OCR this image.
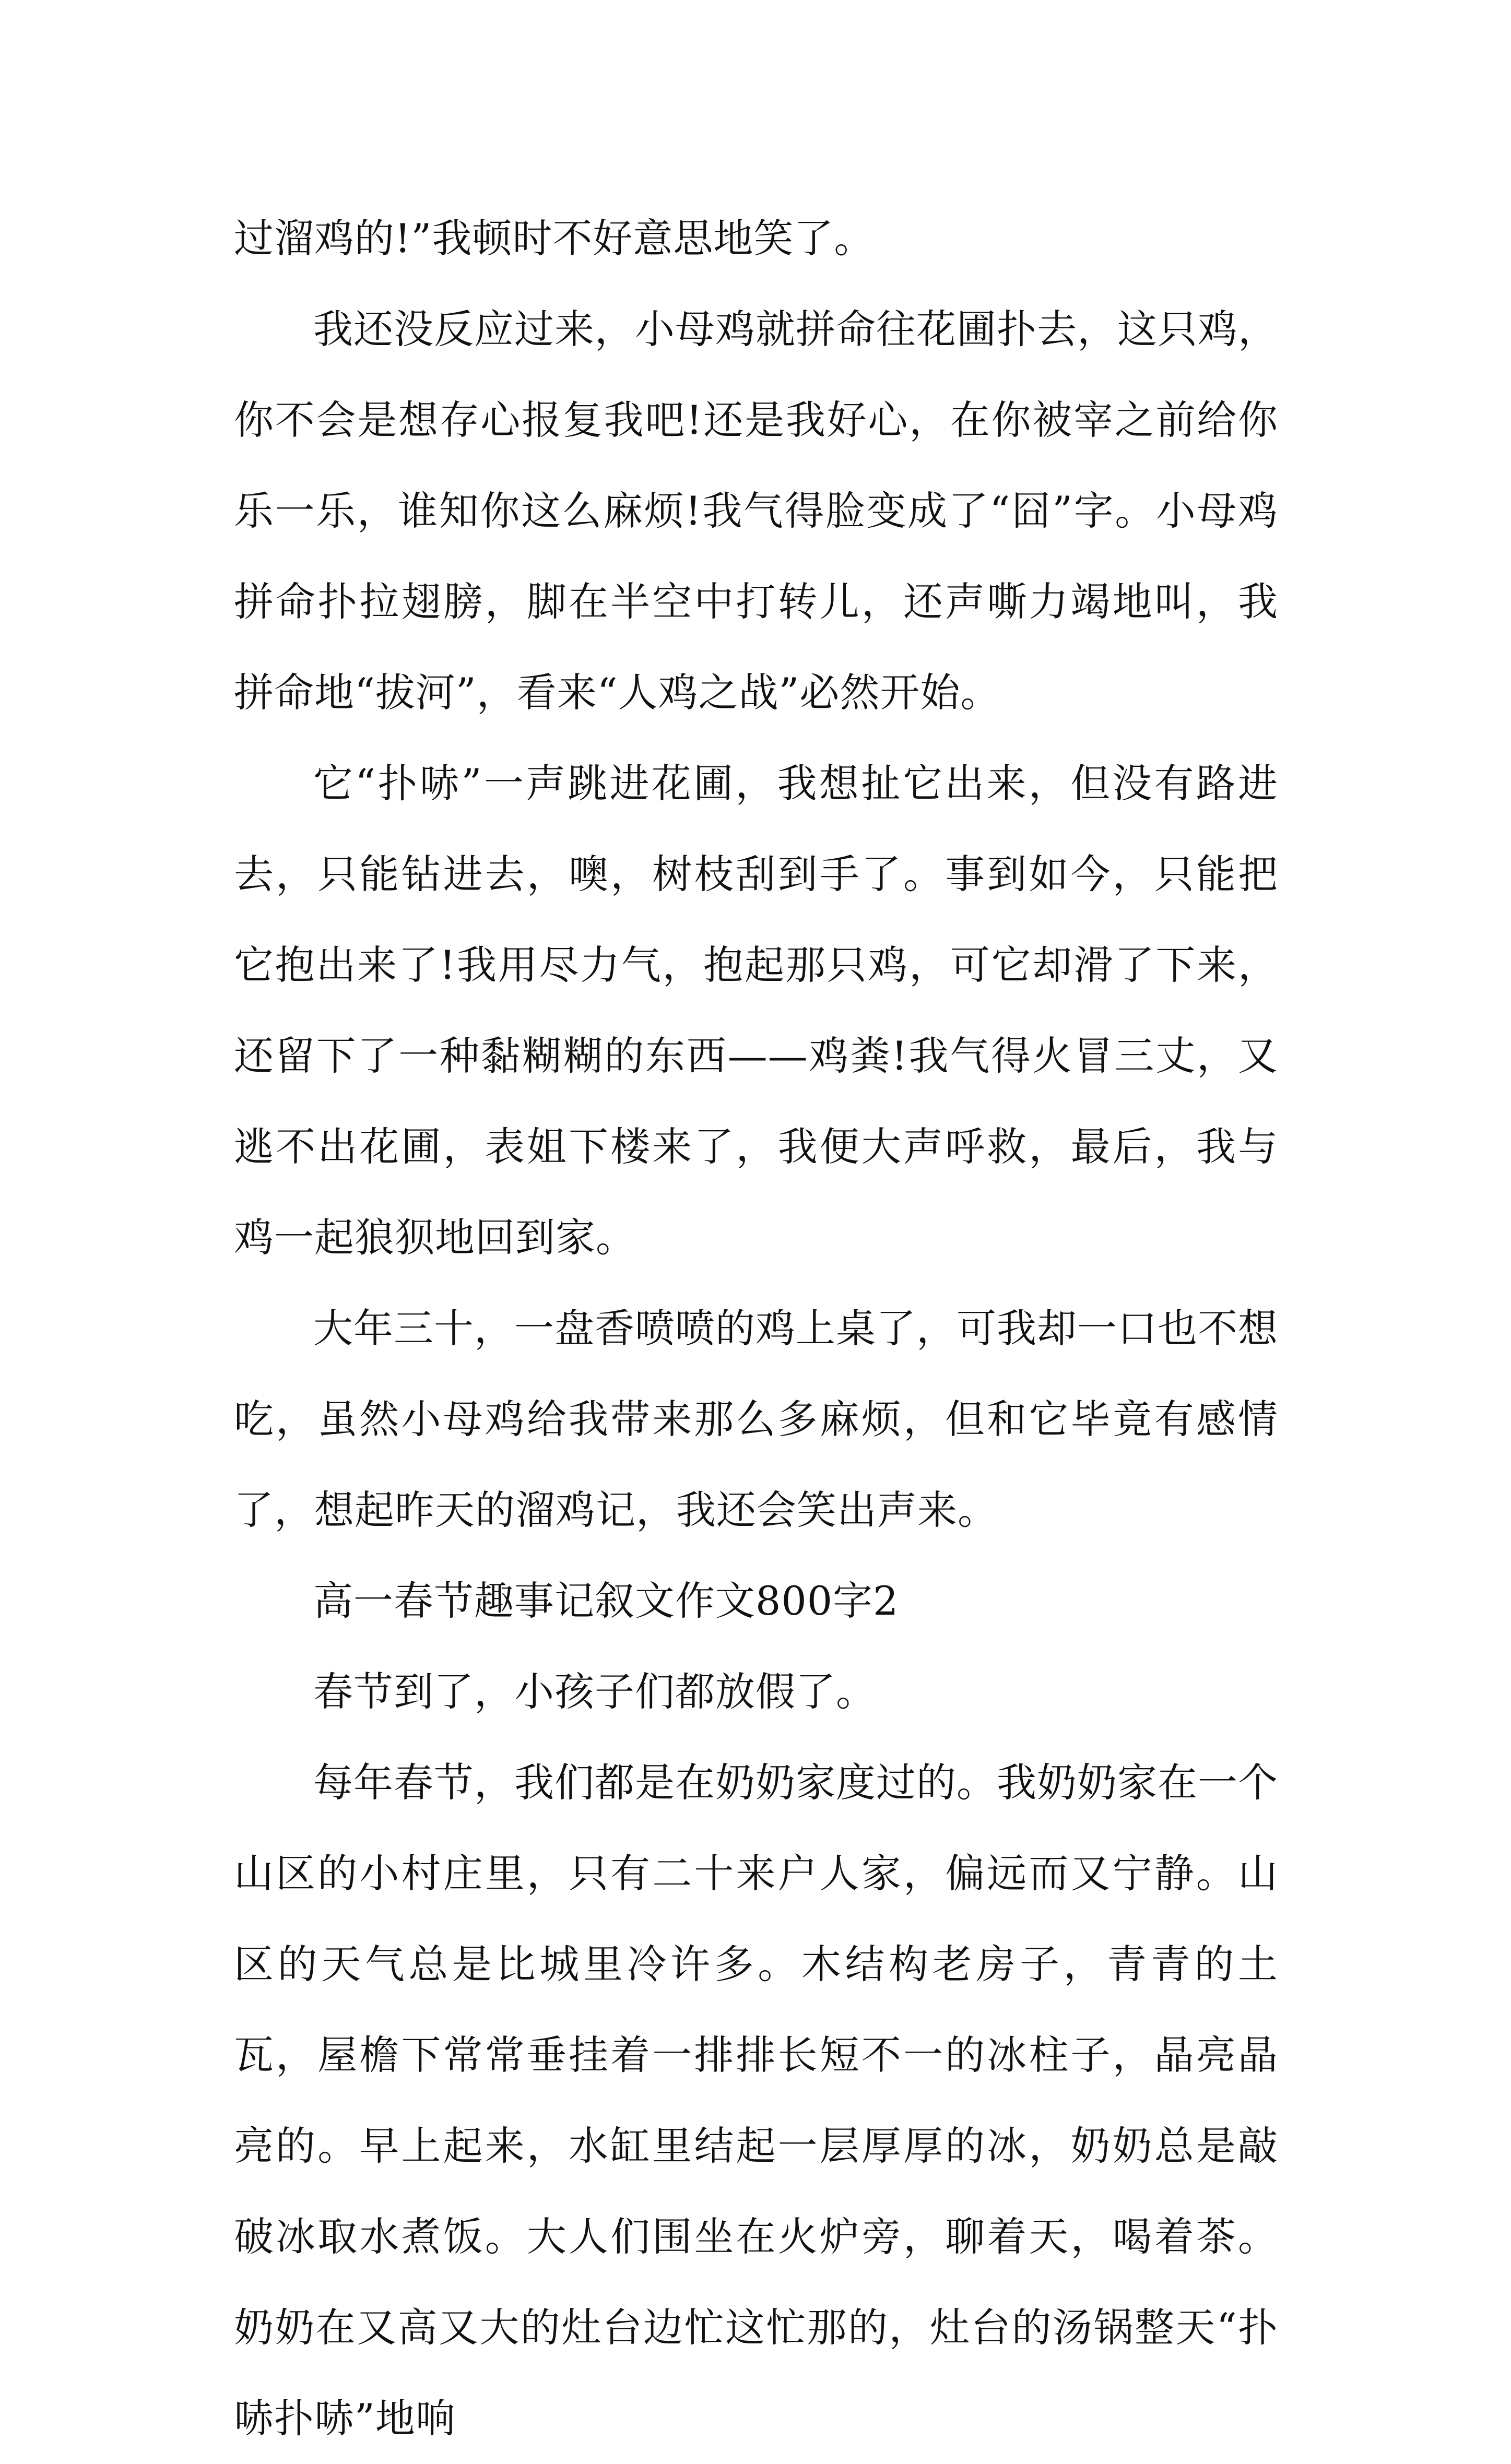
过溜鸡的!”我顿时不好意思地笑了。

我还没反应过来，小母鸡就拼命往花圃扑去，这只鸡，你不会是想存心报复我吧!还是我好心，在你被宰之前给你乐一乐，谁知你这么麻烦!我气得脸变成了“囧”字。小母鸡拼命扑拉翅膀，脚在半空中打转儿，还声嘶力竭地叫，我拼命地“拔河”，看来“人鸡之战”必然开始。

它“扑哧”一声跳进花圃，我想扯它出来，但没有路进去，只能钻进去，噢，树枝刮到手了。事到如今，只能把它抱出来了!我用尽力气，抱起那只鸡，可它却滑了下来，还留下了一种黏糊糊的东西——鸡粪!我气得火冒三丈，又逃不出花圃，表姐下楼来了，我便大声呼救，最后，我与鸡一起狼狈地回到家。

大年三十，一盘香喷喷的鸡上桌了，可我却一口也不想吃，虽然小母鸡给我带来那么多麻烦，但和它毕竟有感情了，想起昨天的溜鸡记，我还会笑出声来。

高一春节趣事记叙文作文800字2

春节到了，小孩子们都放假了。

每年春节，我们都是在奶奶家度过的。我奶奶家在一个山区的小村庄里，只有二十来户人家，偏远而又宁静。山区的天气总是比城里冷许多。木结构老房子，青青的土瓦，屋檐下常常垂挂着一排排长短不一的冰柱子，晶亮晶亮的。早上起来，水缸里结起一层厚厚的冰，奶奶总是敲破冰取水煮饭。大人们围坐在火炉旁，聊着天，喝着茶。奶奶在又高又大的灶台边忙这忙那的，灶台的汤锅整天“扑哧扑哧”地响
